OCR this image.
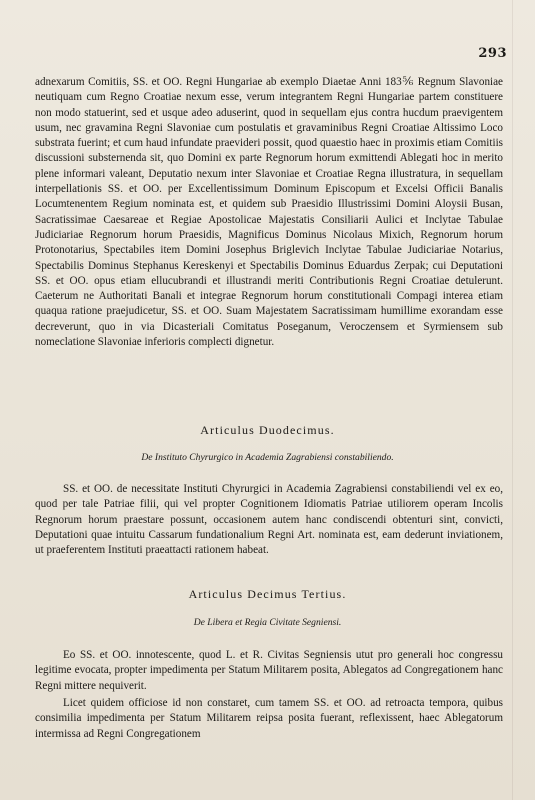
293

adnexarum Comitiis, SS. et OO. Regni Hungariae ab exemplo Diaetae Anni 183⅚ Regnum Slavoniae neutiquam cum Regno Croatiae nexum esse, verum integrantem Regni Hungariae partem constituere non modo statuerint, sed et usque adeo aduserint, quod in sequellam ejus contra hucdum praevigentem usum, nec gravamina Regni Slavoniae cum postulatis et gravaminibus Regni Croatiae Altissimo Loco substrata fuerint; et cum haud infundate praevideri possit, quod quaestio haec in proximis etiam Comitiis discussioni substernenda sit, quo Domini ex parte Regnorum horum exmittendi Ablegati hoc in merito plene informari valeant, Deputatio nexum inter Slavoniae et Croatiae Regna illustratura, in sequellam interpellationis SS. et OO. per Excellentissimum Dominum Episcopum et Excelsi Officii Banalis Locumtenentem Regium nominata est, et quidem sub Praesidio Illustrissimi Domini Aloysii Busan, Sacratissimae Caesareae et Regiae Apostolicae Majestatis Consiliarii Aulici et Inclytae Tabulae Judiciariae Regnorum horum Praesidis, Magnificus Dominus Nicolaus Mixich, Regnorum horum Protonotarius, Spectabiles item Domini Josephus Briglevich Inclytae Tabulae Judiciariae Notarius, Spectabilis Dominus Stephanus Kereskenyi et Spectabilis Dominus Eduardus Zerpak; cui Deputationi SS. et OO. opus etiam ellucubrandi et illustrandi meriti Contributionis Regni Croatiae detulerunt. Caeterum ne Authoritati Banali et integrae Regnorum horum constitutionali Compagi interea etiam quaqua ratione praejudicetur, SS. et OO. Suam Majestatem Sacratissimam humillime exorandam esse decreverunt, quo in via Dicasteriali Comitatus Poseganum, Veroczensem et Syrmiensem sub nomeclatione Slavoniae inferioris complecti dignetur.

Articulus Duodecimus.
De Instituto Chyrurgico in Academia Zagrabiensi constabiliendo.

SS. et OO. de necessitate Instituti Chyrurgici in Academia Zagrabiensi constabiliendi vel ex eo, quod per tale Patriae filii, qui vel propter Cognitionem Idiomatis Patriae utiliorem operam Incolis Regnorum horum praestare possunt, occasionem autem hanc condiscendi obtenturi sint, convicti, Deputationi quae intuitu Cassarum fundationalium Regni Art. nominata est, eam dederunt inviationem, ut praeferentem Instituti praeattacti rationem habeat.

Articulus Decimus Tertius.
De Libera et Regia Civitate Segniensi.

Eo SS. et OO. innotescente, quod L. et R. Civitas Segniensis utut pro generali hoc congressu legitime evocata, propter impedimenta per Statum Militarem posita, Ablegatos ad Congregationem hanc Regni mittere nequiverit.

Licet quidem officiose id non constaret, cum tamem SS. et OO. ad retroacta tempora, quibus consimilia impedimenta per Statum Militarem reipsa posita fuerant, reflexissent, haec Ablegatorum intermissa ad Regni Congregationem
